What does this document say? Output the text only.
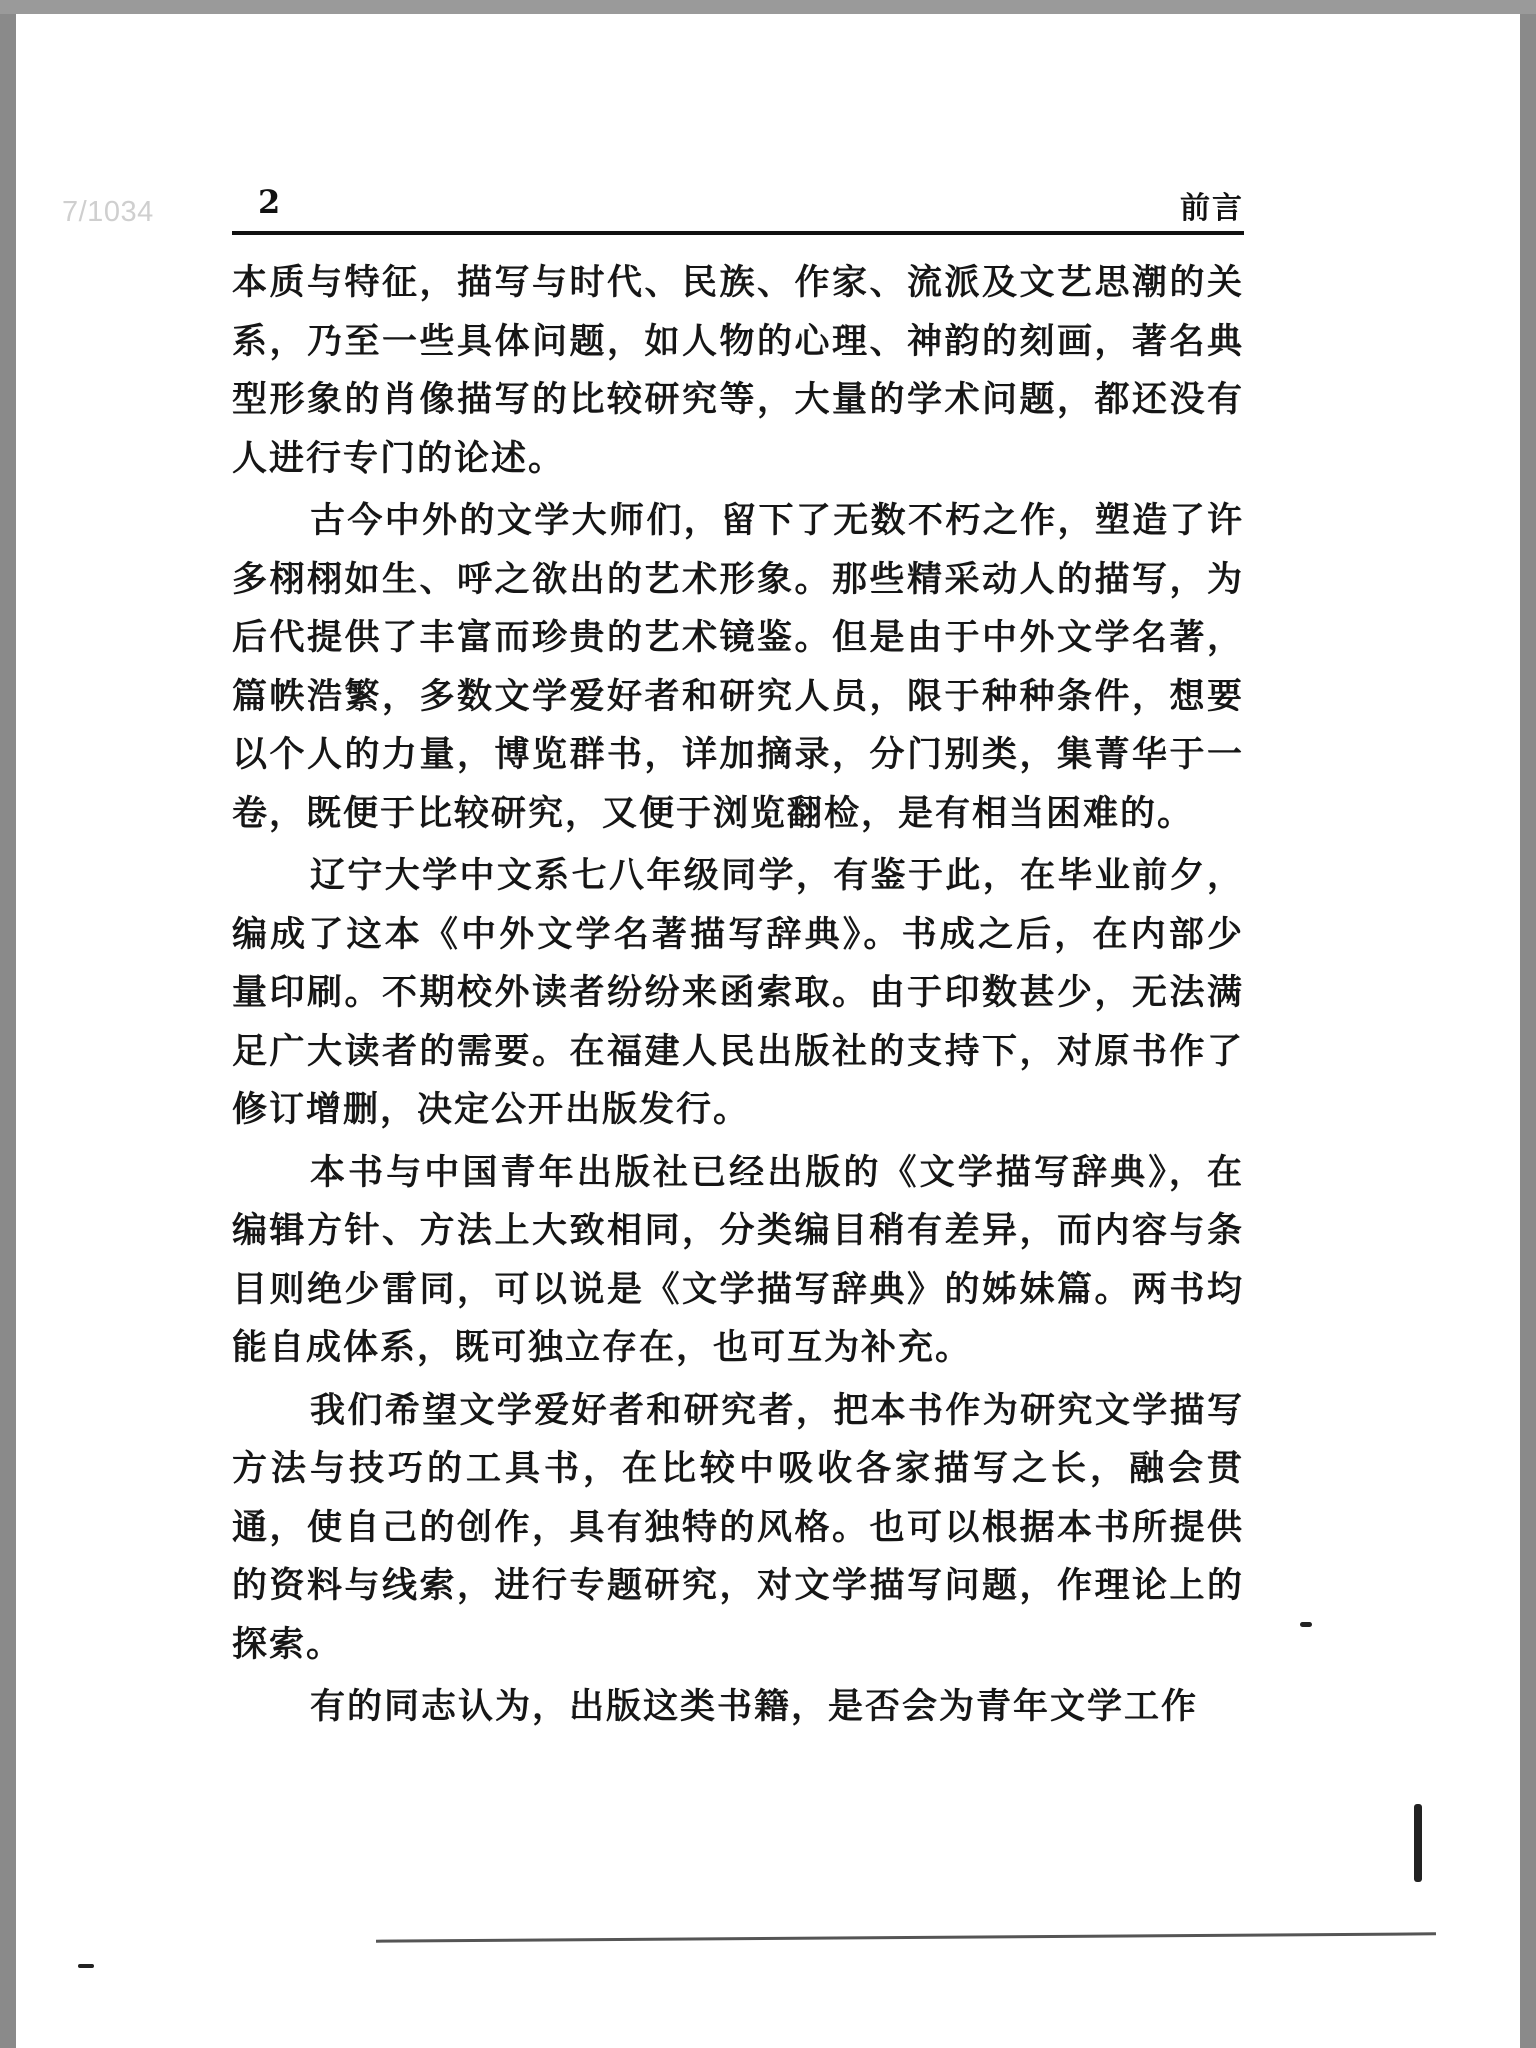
7/1034	2	前言

本质与特征，描写与时代、民族、作家、流派及文艺思潮的关系，乃至一些具体问题，如人物的心理、神韵的刻画，著名典型形象的肖像描写的比较研究等，大量的学术问题，都还没有人进行专门的论述。

古今中外的文学大师们，留下了无数不朽之作，塑造了许多栩栩如生、呼之欲出的艺术形象。那些精采动人的描写，为后代提供了丰富而珍贵的艺术镜鉴。但是由于中外文学名著，篇帙浩繁，多数文学爱好者和研究人员，限于种种条件，想要以个人的力量，博览群书，详加摘录，分门别类，集菁华于一卷，既便于比较研究，又便于浏览翻检，是有相当困难的。

辽宁大学中文系七八年级同学，有鉴于此，在毕业前夕，编成了这本《中外文学名著描写辞典》。书成之后，在内部少量印刷。不期校外读者纷纷来函索取。由于印数甚少，无法满足广大读者的需要。在福建人民出版社的支持下，对原书作了修订增删，决定公开出版发行。

本书与中国青年出版社已经出版的《文学描写辞典》，在编辑方针、方法上大致相同，分类编目稍有差异，而内容与条目则绝少雷同，可以说是《文学描写辞典》的姊妹篇。两书均能自成体系，既可独立存在，也可互为补充。

我们希望文学爱好者和研究者，把本书作为研究文学描写方法与技巧的工具书，在比较中吸收各家描写之长，融会贯通，使自己的创作，具有独特的风格。也可以根据本书所提供的资料与线索，进行专题研究，对文学描写问题，作理论上的探索。

有的同志认为，出版这类书籍，是否会为青年文学工作
